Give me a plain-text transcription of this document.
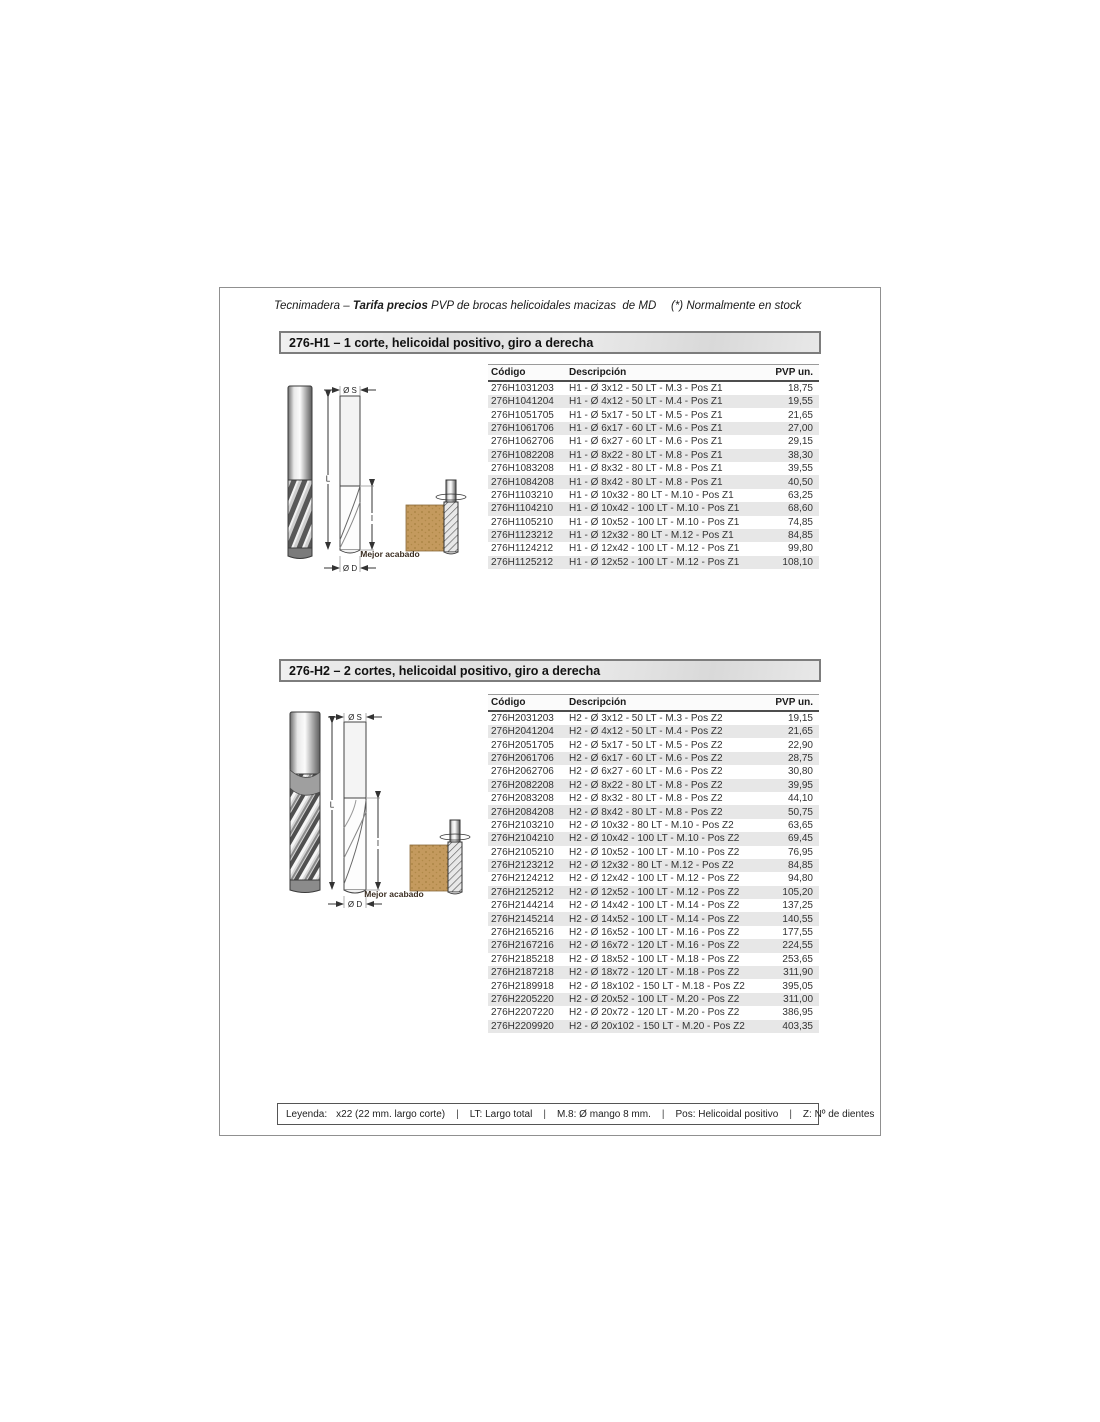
Tecnimadera – Tarifa precios PVP de brocas helicoidales macizas  de MD (*) Normalmente en stock
276-H1 – 1 corte, helicoidal positivo, giro a derecha
Ø S
L
I
Ø D
Mejor acabado
Código	Descripción	PVP un.
276H1031203	H1 - Ø 3x12 - 50 LT - M.3 - Pos Z1	18,75
276H1041204	H1 - Ø 4x12 - 50 LT - M.4 - Pos Z1	19,55
276H1051705	H1 - Ø 5x17 - 50 LT - M.5 - Pos Z1	21,65
276H1061706	H1 - Ø 6x17 - 60 LT - M.6 - Pos Z1	27,00
276H1062706	H1 - Ø 6x27 - 60 LT - M.6 - Pos Z1	29,15
276H1082208	H1 - Ø 8x22 - 80 LT - M.8 - Pos Z1	38,30
276H1083208	H1 - Ø 8x32 - 80 LT - M.8 - Pos Z1	39,55
276H1084208	H1 - Ø 8x42 - 80 LT - M.8 - Pos Z1	40,50
276H1103210	H1 - Ø 10x32 - 80 LT - M.10 - Pos Z1	63,25
276H1104210	H1 - Ø 10x42 - 100 LT - M.10 - Pos Z1	68,60
276H1105210	H1 - Ø 10x52 - 100 LT - M.10 - Pos Z1	74,85
276H1123212	H1 - Ø 12x32 - 80 LT - M.12 - Pos Z1	84,85
276H1124212	H1 - Ø 12x42 - 100 LT - M.12 - Pos Z1	99,80
276H1125212	H1 - Ø 12x52 - 100 LT - M.12 - Pos Z1	108,10
276-H2 – 2 cortes, helicoidal positivo, giro a derecha
Ø S
L
I
Ø D
Mejor acabado
Código	Descripción	PVP un.
276H2031203	H2 - Ø 3x12 - 50 LT - M.3 - Pos Z2	19,15
276H2041204	H2 - Ø 4x12 - 50 LT - M.4 - Pos Z2	21,65
276H2051705	H2 - Ø 5x17 - 50 LT - M.5 - Pos Z2	22,90
276H2061706	H2 - Ø 6x17 - 60 LT - M.6 - Pos Z2	28,75
276H2062706	H2 - Ø 6x27 - 60 LT - M.6 - Pos Z2	30,80
276H2082208	H2 - Ø 8x22 - 80 LT - M.8 - Pos Z2	39,95
276H2083208	H2 - Ø 8x32 - 80 LT - M.8 - Pos Z2	44,10
276H2084208	H2 - Ø 8x42 - 80 LT - M.8 - Pos Z2	50,75
276H2103210	H2 - Ø 10x32 - 80 LT - M.10 - Pos Z2	63,65
276H2104210	H2 - Ø 10x42 - 100 LT - M.10 - Pos Z2	69,45
276H2105210	H2 - Ø 10x52 - 100 LT - M.10 - Pos Z2	76,95
276H2123212	H2 - Ø 12x32 - 80 LT - M.12 - Pos Z2	84,85
276H2124212	H2 - Ø 12x42 - 100 LT - M.12 - Pos Z2	94,80
276H2125212	H2 - Ø 12x52 - 100 LT - M.12 - Pos Z2	105,20
276H2144214	H2 - Ø 14x42 - 100 LT - M.14 - Pos Z2	137,25
276H2145214	H2 - Ø 14x52 - 100 LT - M.14 - Pos Z2	140,55
276H2165216	H2 - Ø 16x52 - 100 LT - M.16 - Pos Z2	177,55
276H2167216	H2 - Ø 16x72 - 120 LT - M.16 - Pos Z2	224,55
276H2185218	H2 - Ø 18x52 - 100 LT - M.18 - Pos Z2	253,65
276H2187218	H2 - Ø 18x72 - 120 LT - M.18 - Pos Z2	311,90
276H2189918	H2 - Ø 18x102 - 150 LT - M.18 - Pos Z2	395,05
276H2205220	H2 - Ø 20x52 - 100 LT - M.20 - Pos Z2	311,00
276H2207220	H2 - Ø 20x72 - 120 LT - M.20 - Pos Z2	386,95
276H2209920	H2 - Ø 20x102 - 150 LT - M.20 - Pos Z2	403,35
Leyenda: x22 (22 mm. largo corte) | LT: Largo total | M.8: Ø mango 8 mm. | Pos: Helicoidal positivo | Z: Nº de dientes
